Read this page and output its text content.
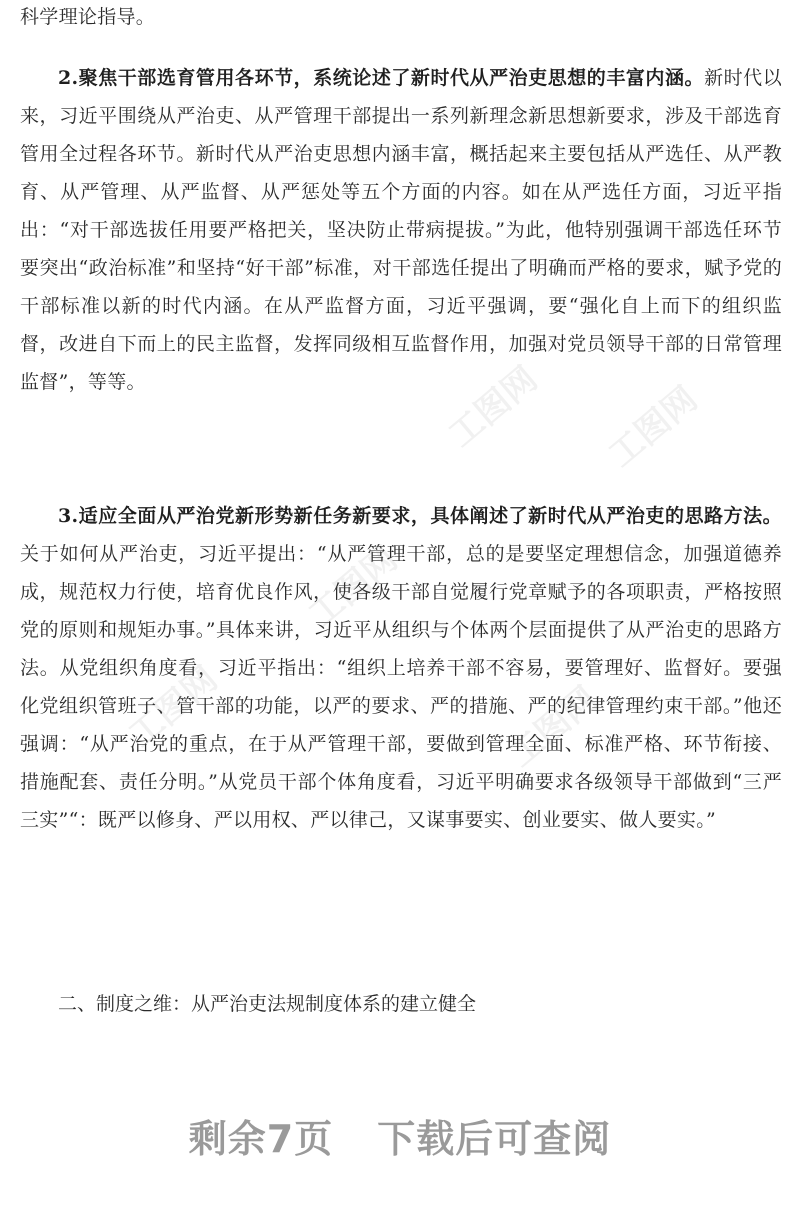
科学理论指导。

2.聚焦干部选育管用各环节，系统论述了新时代从严治吏思想的丰富内涵。新时代以来，习近平围绕从严治吏、从严管理干部提出一系列新理念新思想新要求，涉及干部选育管用全过程各环节。新时代从严治吏思想内涵丰富，概括起来主要包括从严选任、从严教育、从严管理、从严监督、从严惩处等五个方面的内容。如在从严选任方面，习近平指出：“对干部选拔任用要严格把关，坚决防止带病提拔。”为此，他特别强调干部选任环节要突出“政治标准”和坚持“好干部”标准，对干部选任提出了明确而严格的要求，赋予党的干部标准以新的时代内涵。在从严监督方面，习近平强调，要“强化自上而下的组织监督，改进自下而上的民主监督，发挥同级相互监督作用，加强对党员领导干部的日常管理监督”，等等。

3.适应全面从严治党新形势新任务新要求，具体阐述了新时代从严治吏的思路方法。关于如何从严治吏，习近平提出：“从严管理干部，总的是要坚定理想信念，加强道德养成，规范权力行使，培育优良作风，使各级干部自觉履行党章赋予的各项职责，严格按照党的原则和规矩办事。”具体来讲，习近平从组织与个体两个层面提供了从严治吏的思路方法。从党组织角度看，习近平指出：“组织上培养干部不容易，要管理好、监督好。要强化党组织管班子、管干部的功能，以严的要求、严的措施、严的纪律管理约束干部。”他还强调：“从严治党的重点，在于从严管理干部，要做到管理全面、标准严格、环节衔接、措施配套、责任分明。”从党员干部个体角度看，习近平明确要求各级领导干部做到“三严三实”“：既严以修身、严以用权、严以律己，又谋事要实、创业要实、做人要实。”

二、制度之维：从严治吏法规制度体系的建立健全
工图网
工图网
工图网 工图网
工图网
剩余7页 下载后可查阅
